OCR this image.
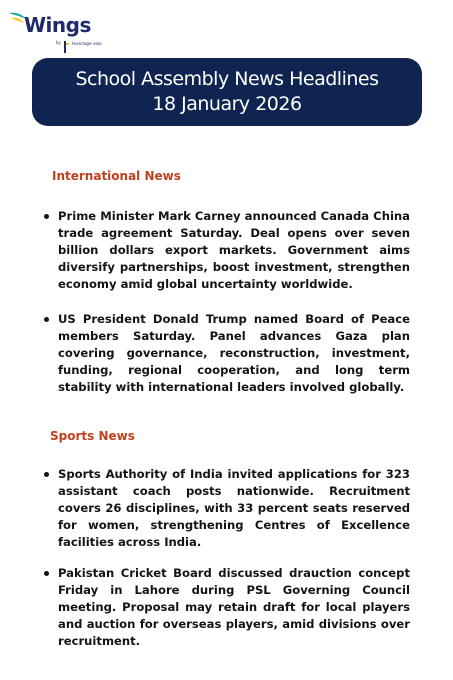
Wings
by leverage edu
School Assembly News Headlines
18 January 2026
International News
Prime Minister Mark Carney announced Canada China trade agreement Saturday. Deal opens over seven billion dollars export markets. Government aims diversify partnerships, boost investment, strengthen economy amid global uncertainty worldwide.
US President Donald Trump named Board of Peace members Saturday. Panel advances Gaza plan covering governance, reconstruction, investment, funding, regional cooperation, and long term stability with international leaders involved globally.
Sports News
Sports Authority of India invited applications for 323 assistant coach posts nationwide. Recruitment covers 26 disciplines, with 33 percent seats reserved for women, strengthening Centres of Excellence facilities across India.
Pakistan Cricket Board discussed drauction concept Friday in Lahore during PSL Governing Council meeting. Proposal may retain draft for local players and auction for overseas players, amid divisions over recruitment.
